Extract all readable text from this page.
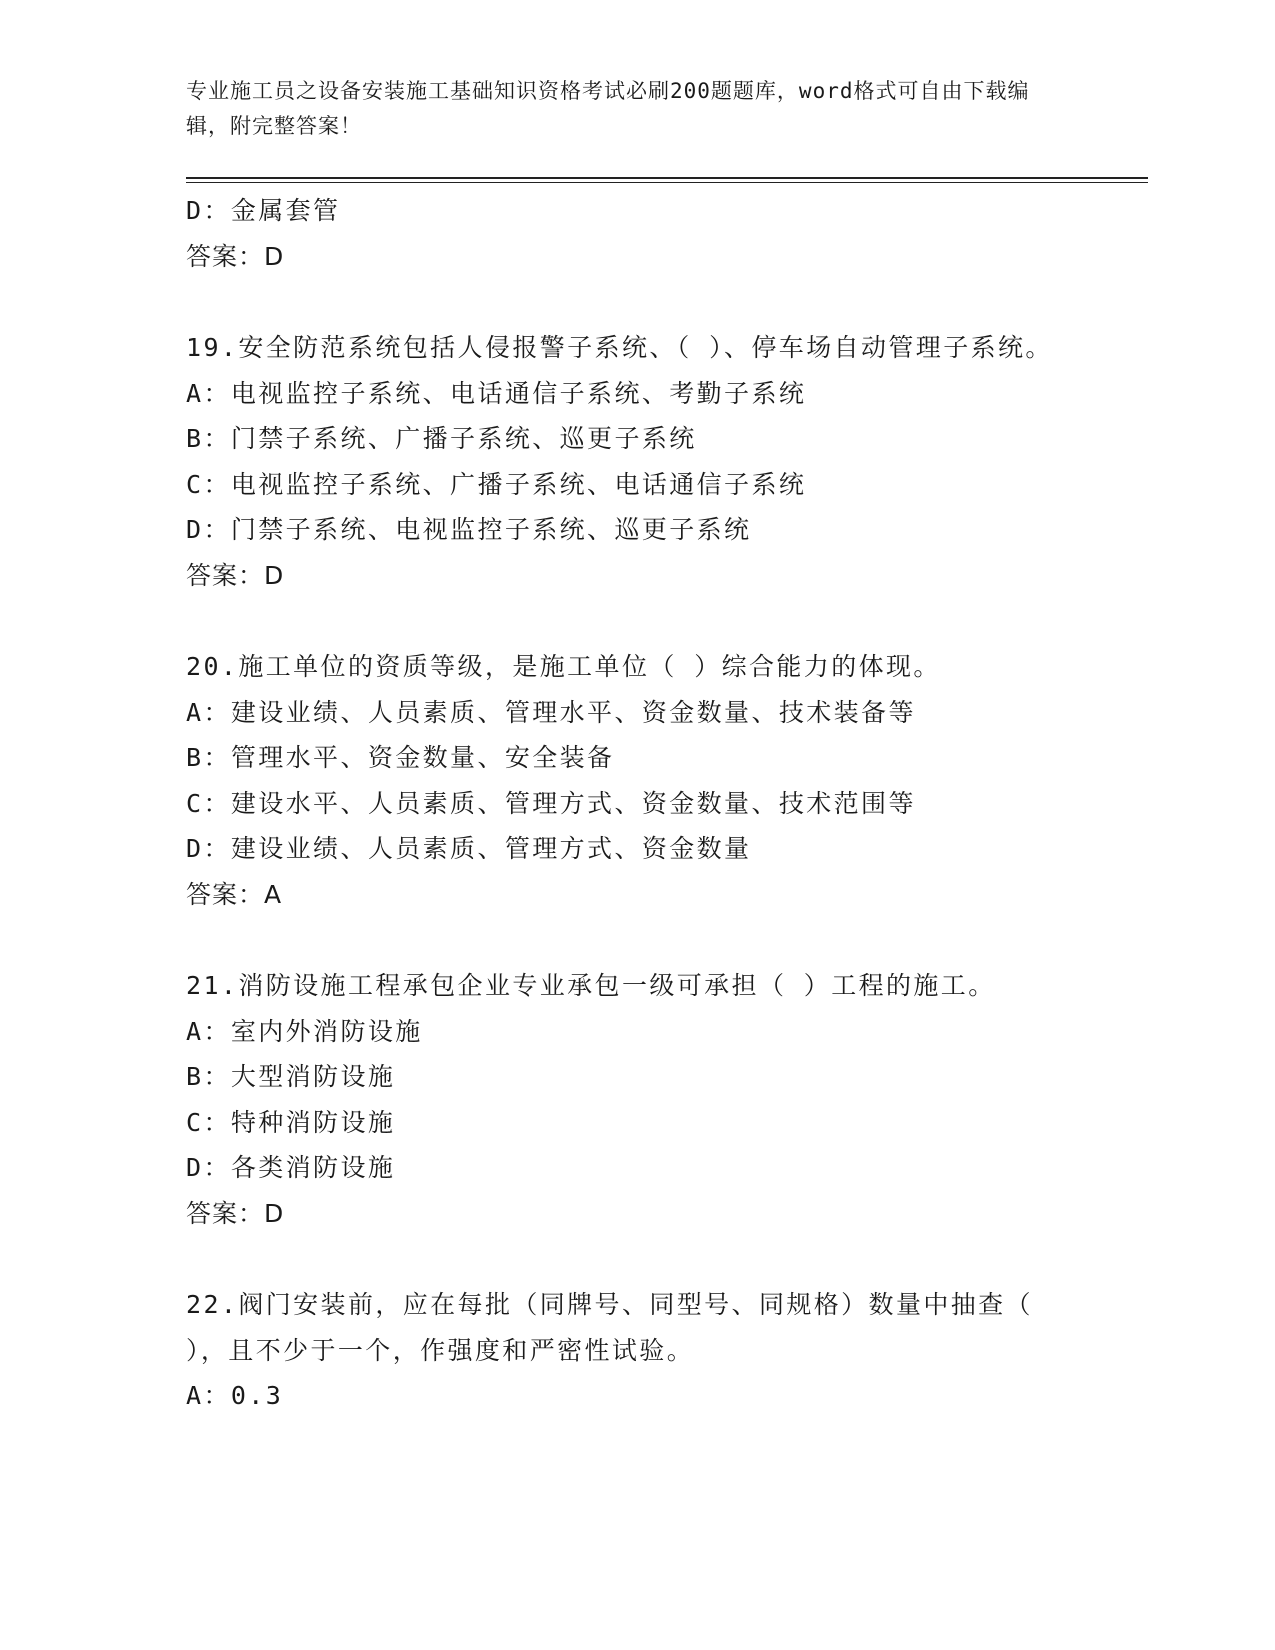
专业施工员之设备安装施工基础知识资格考试必刷200题题库，word格式可自由下载编辑，附完整答案！

D：金属套管

答案：D

19.安全防范系统包括人侵报警子系统、（ ）、停车场自动管理子系统。

A：电视监控子系统、电话通信子系统、考勤子系统

B：门禁子系统、广播子系统、巡更子系统

C：电视监控子系统、广播子系统、电话通信子系统

D：门禁子系统、电视监控子系统、巡更子系统

答案：D

20.施工单位的资质等级，是施工单位（ ）综合能力的体现。

A：建设业绩、人员素质、管理水平、资金数量、技术装备等

B：管理水平、资金数量、安全装备

C：建设水平、人员素质、管理方式、资金数量、技术范围等

D：建设业绩、人员素质、管理方式、资金数量

答案：A

21.消防设施工程承包企业专业承包一级可承担（ ）工程的施工。

A：室内外消防设施

B：大型消防设施

C：特种消防设施

D：各类消防设施

答案：D

22.阀门安装前，应在每批（同牌号、同型号、同规格）数量中抽查（ ），且不少于一个，作强度和严密性试验。

A：0.3
